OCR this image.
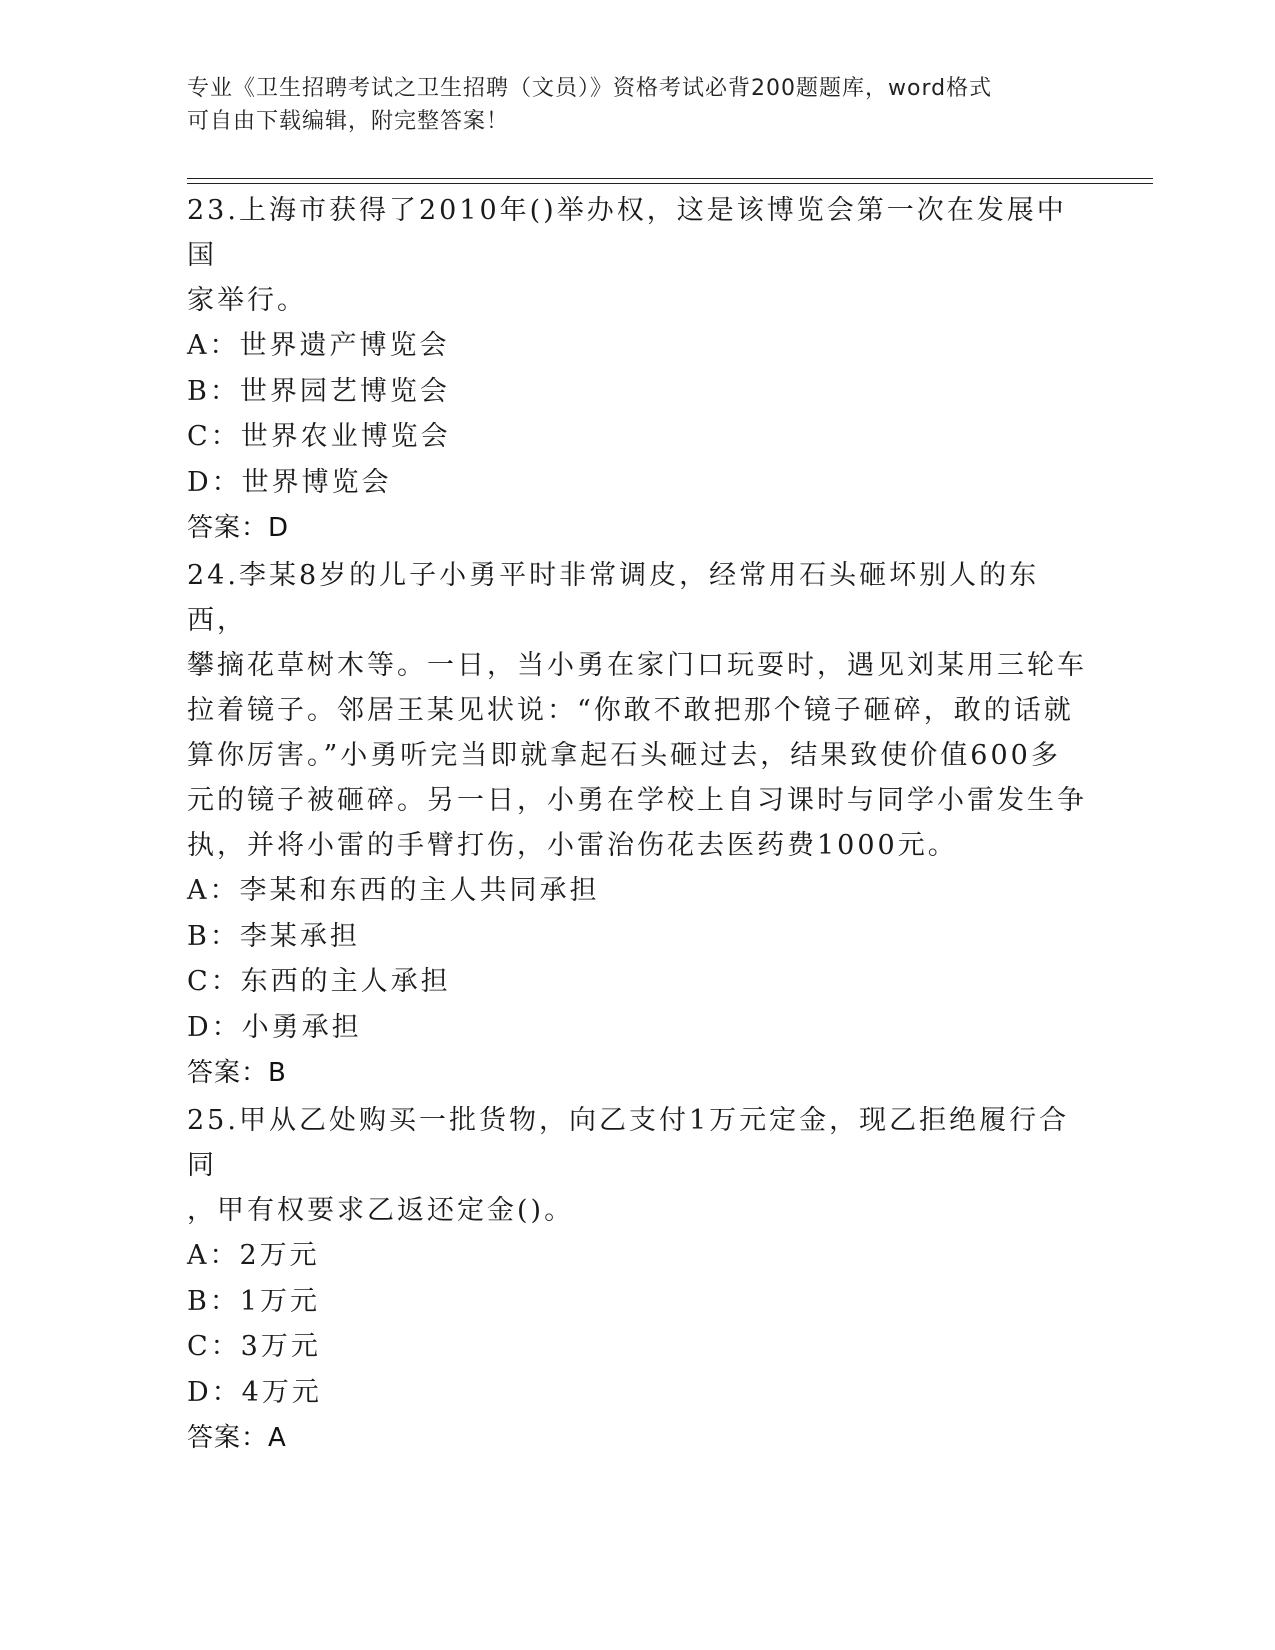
专业《卫生招聘考试之卫生招聘（文员）》资格考试必背200题题库，word格式
可自由下载编辑，附完整答案！

23.上海市获得了2010年()举办权，这是该博览会第一次在发展中国

家举行。

A：世界遗产博览会

B：世界园艺博览会

C：世界农业博览会

D：世界博览会

答案：D

24.李某8岁的儿子小勇平时非常调皮，经常用石头砸坏别人的东西，

攀摘花草树木等。一日，当小勇在家门口玩耍时，遇见刘某用三轮车

拉着镜子。邻居王某见状说：“你敢不敢把那个镜子砸碎，敢的话就

算你厉害。”小勇听完当即就拿起石头砸过去，结果致使价值600多

元的镜子被砸碎。另一日，小勇在学校上自习课时与同学小雷发生争

执，并将小雷的手臂打伤，小雷治伤花去医药费1000元。

A：李某和东西的主人共同承担

B：李某承担

C：东西的主人承担

D：小勇承担

答案：B

25.甲从乙处购买一批货物，向乙支付1万元定金，现乙拒绝履行合同

，甲有权要求乙返还定金()。

A：2万元

B：1万元

C：3万元

D：4万元

答案：A
